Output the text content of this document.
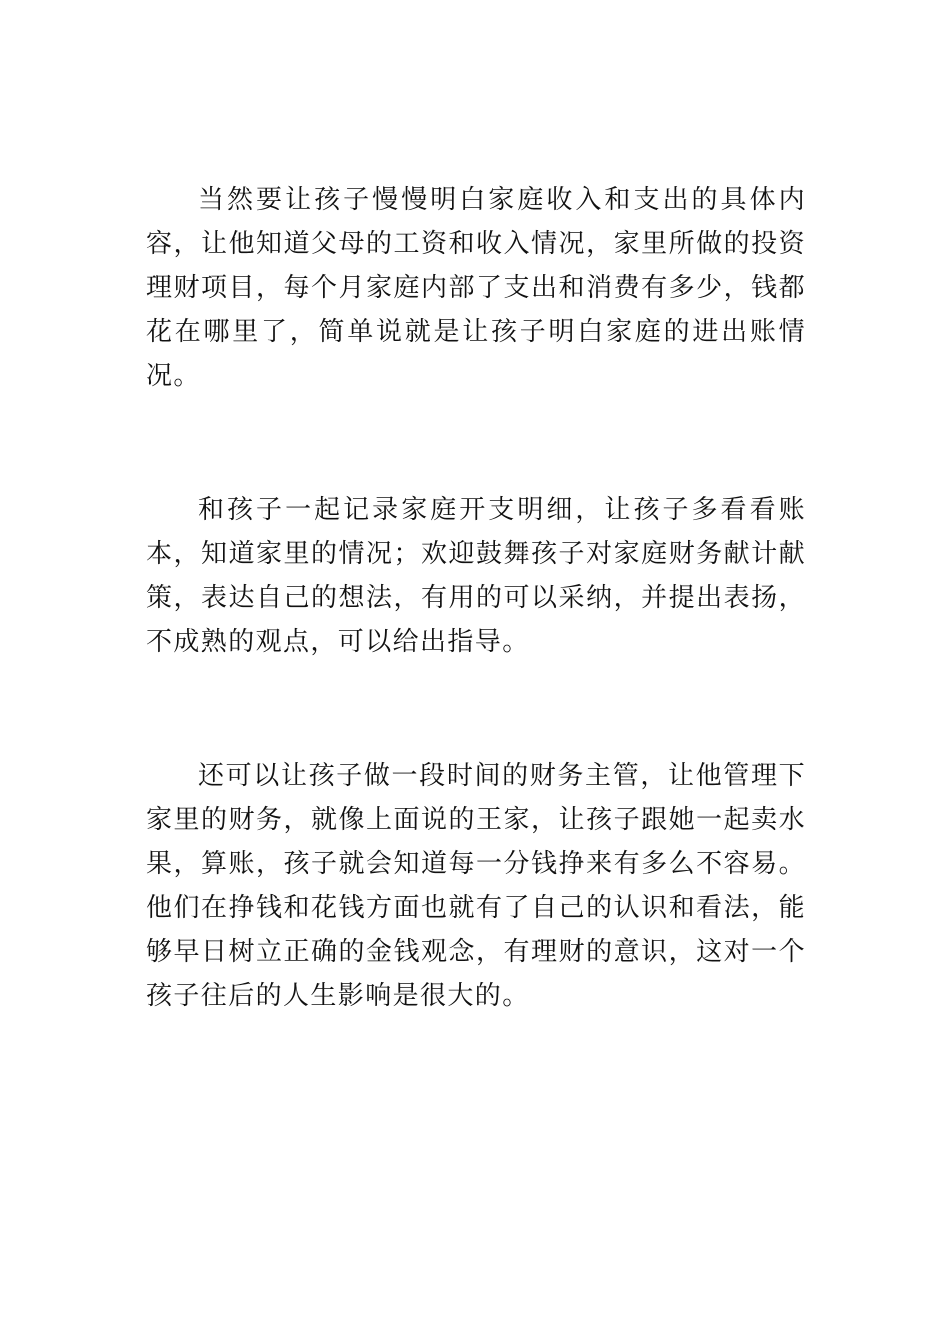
当然要让孩子慢慢明白家庭收入和支出的具体内容，让他知道父母的工资和收入情况，家里所做的投资理财项目，每个月家庭内部了支出和消费有多少，钱都花在哪里了，简单说就是让孩子明白家庭的进出账情况。

和孩子一起记录家庭开支明细，让孩子多看看账本，知道家里的情况；欢迎鼓舞孩子对家庭财务献计献策，表达自己的想法，有用的可以采纳，并提出表扬，不成熟的观点，可以给出指导。

还可以让孩子做一段时间的财务主管，让他管理下家里的财务，就像上面说的王家，让孩子跟她一起卖水果，算账，孩子就会知道每一分钱挣来有多么不容易。他们在挣钱和花钱方面也就有了自己的认识和看法，能够早日树立正确的金钱观念，有理财的意识，这对一个孩子往后的人生影响是很大的。
